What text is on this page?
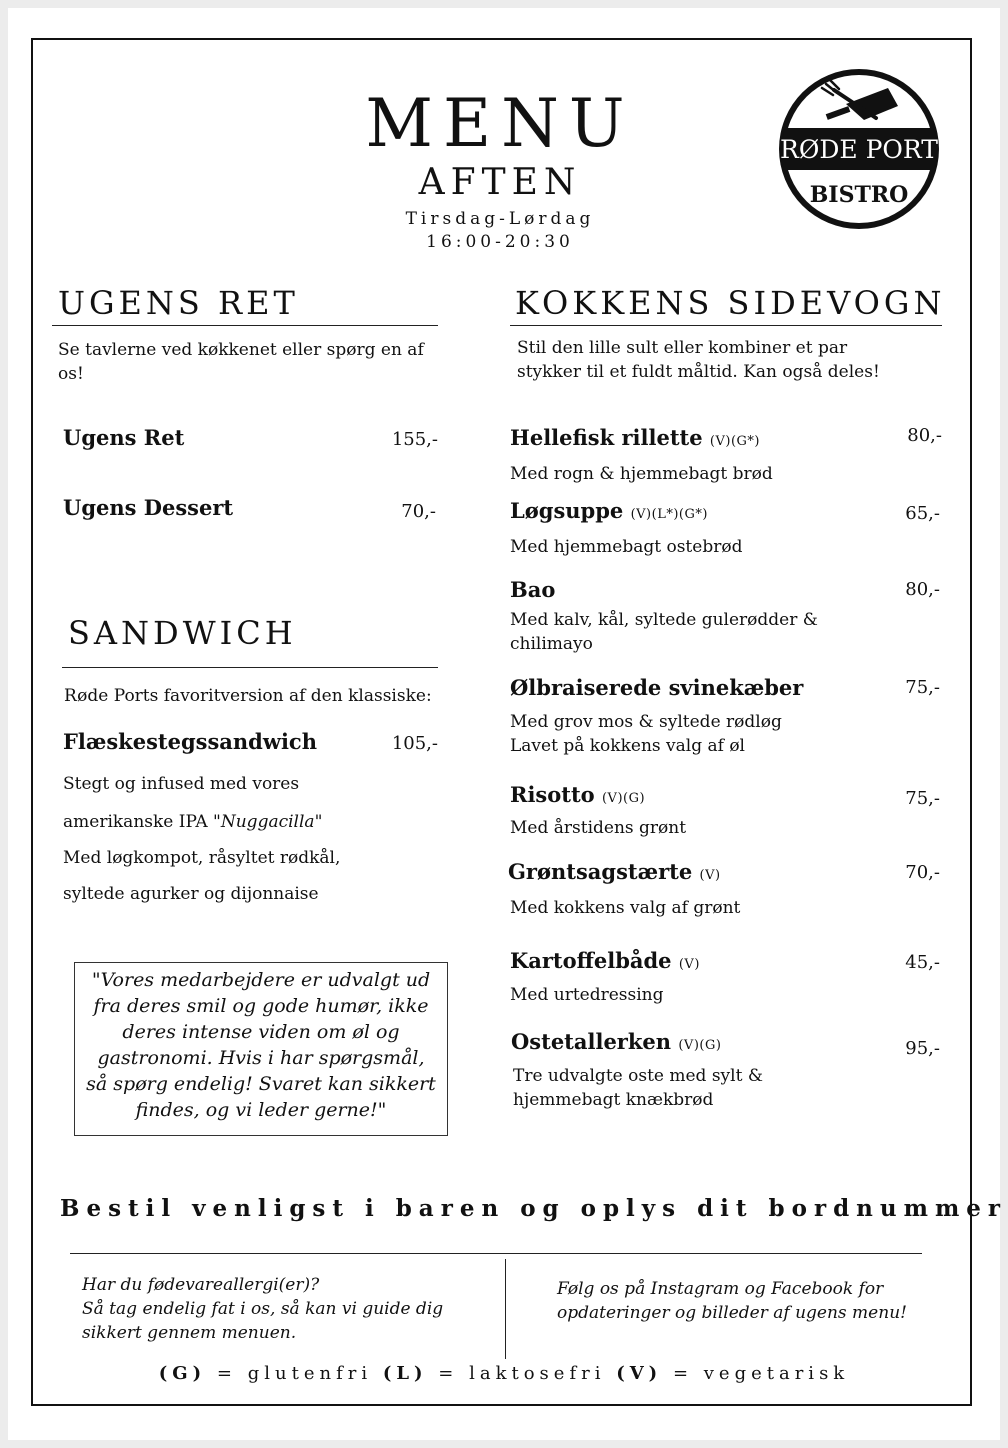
MENU
AFTEN
Tirsdag-Lørdag
16:00-20:30
RØDE PORT
BISTRO
UGENS RET
Se tavlerne ved køkkenet eller spørg en af os!
Ugens Ret	155,-
Ugens Dessert	70,-
SANDWICH
Røde Ports favoritversion af den klassiske:
Flæskestegssandwich	105,-
Stegt og infused med vores
amerikanske IPA "Nuggacilla"
Med løgkompot, råsyltet rødkål,
syltede agurker og dijonnaise
"Vores medarbejdere er udvalgt ud fra deres smil og gode humør, ikke deres intense viden om øl og gastronomi. Hvis i har spørgsmål, så spørg endelig! Svaret kan sikkert findes, og vi leder gerne!"
KOKKENS SIDEVOGN
Stil den lille sult eller kombiner et par stykker til et fuldt måltid. Kan også deles!
Hellefisk rillette (V)(G*)	80,-
Med rogn & hjemmebagt brød
Løgsuppe (V)(L*)(G*)	65,-
Med hjemmebagt ostebrød
Bao	80,-
Med kalv, kål, syltede gulerødder & chilimayo
Ølbraiserede svinekæber	75,-
Med grov mos & syltede rødløg
Lavet på kokkens valg af øl
Risotto (V)(G)	75,-
Med årstidens grønt
Grøntsagstærte (V)	70,-
Med kokkens valg af grønt
Kartoffelbåde (V)	45,-
Med urtedressing
Ostetallerken (V)(G)	95,-
Tre udvalgte oste med sylt & hjemmebagt knækbrød
Bestil venligst i baren og oplys dit bordnummer
Har du fødevareallergi(er)?
Så tag endelig fat i os, så kan vi guide dig
sikkert gennem menuen.
Følg os på Instagram og Facebook for
opdateringer og billeder af ugens menu!
(G) = glutenfri (L) = laktosefri (V) = vegetarisk
